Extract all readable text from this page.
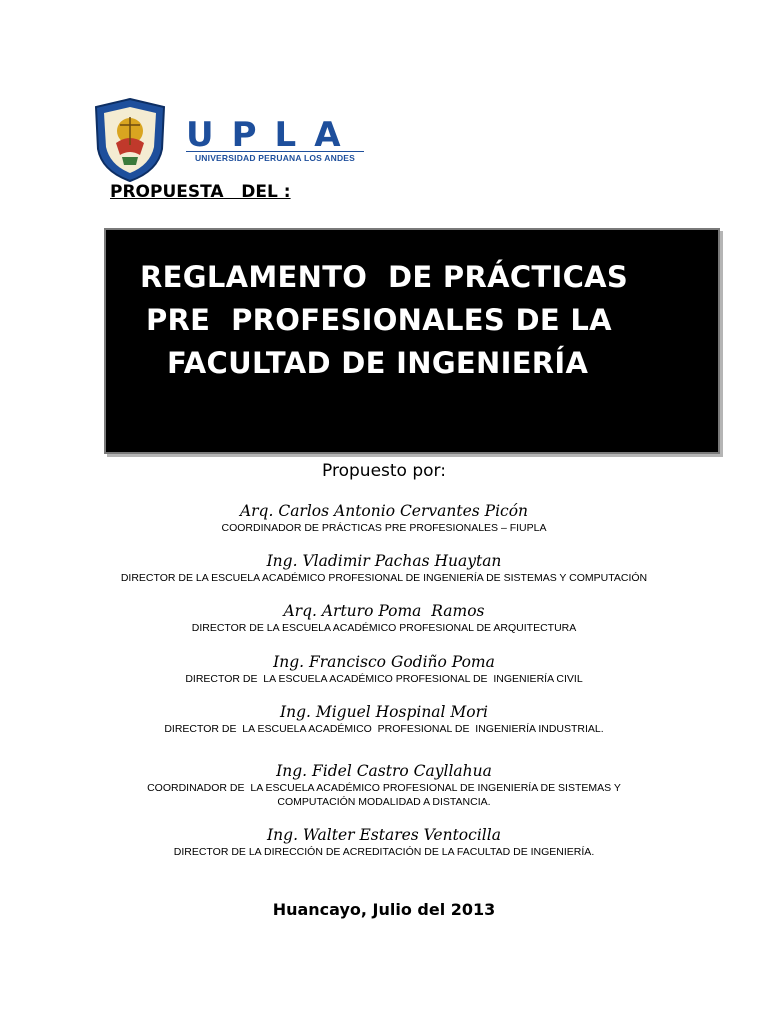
UPLA
UNIVERSIDAD PERUANA LOS ANDES
PROPUESTA   DEL :
REGLAMENTO  DE PRÁCTICAS
PRE  PROFESIONALES DE LA
FACULTAD DE INGENIERÍA
Propuesto por:
Arq. Carlos Antonio Cervantes Picón
COORDINADOR DE PRÁCTICAS PRE PROFESIONALES – FIUPLA
Ing. Vladimir Pachas Huaytan
DIRECTOR DE LA ESCUELA ACADÉMICO PROFESIONAL DE INGENIERÍA DE SISTEMAS Y COMPUTACIÓN
Arq. Arturo Poma  Ramos
DIRECTOR DE LA ESCUELA ACADÉMICO PROFESIONAL DE ARQUITECTURA
Ing. Francisco Godiño Poma
DIRECTOR DE  LA ESCUELA ACADÉMICO PROFESIONAL DE  INGENIERÍA CIVIL
Ing. Miguel Hospinal Mori
DIRECTOR DE  LA ESCUELA ACADÉMICO  PROFESIONAL DE  INGENIERÍA INDUSTRIAL.
Ing. Fidel Castro Cayllahua
COORDINADOR DE  LA ESCUELA ACADÉMICO PROFESIONAL DE INGENIERÍA DE SISTEMAS Y
COMPUTACIÓN MODALIDAD A DISTANCIA.
Ing. Walter Estares Ventocilla
DIRECTOR DE LA DIRECCIÓN DE ACREDITACIÓN DE LA FACULTAD DE INGENIERÍA.
Huancayo, Julio del 2013
